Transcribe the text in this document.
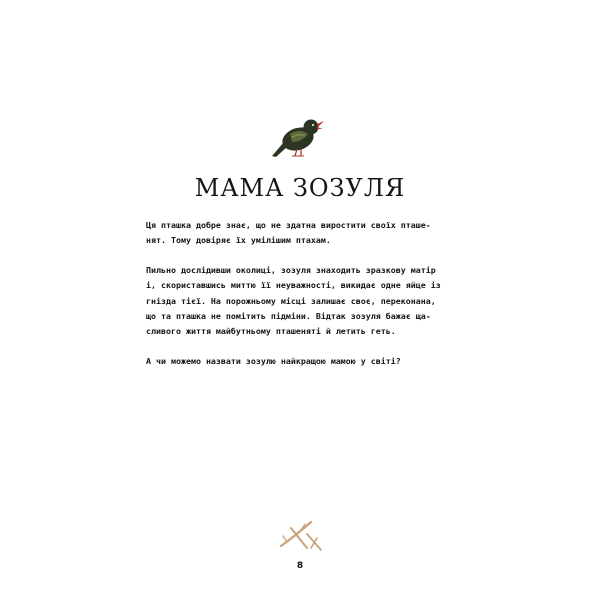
МАМА ЗОЗУЛЯ

Ця пташка добре знає, що не здатна виростити своїх пташе-
нят. Тому довіряє їх умілішим птахам.

Пильно дослідивши околиці, зозуля знаходить зразкову матір
і, скориставшись миттю її неуважності, викидає одне яйце із
гнізда тієї. На порожньому місці залишає своє, переконана,
що та пташка не помітить підміни. Відтак зозуля бажає ща-
сливого життя майбутньому пташеняті й летить геть.

А чи можемо назвати зозулю найкращою мамою у світі?

8
